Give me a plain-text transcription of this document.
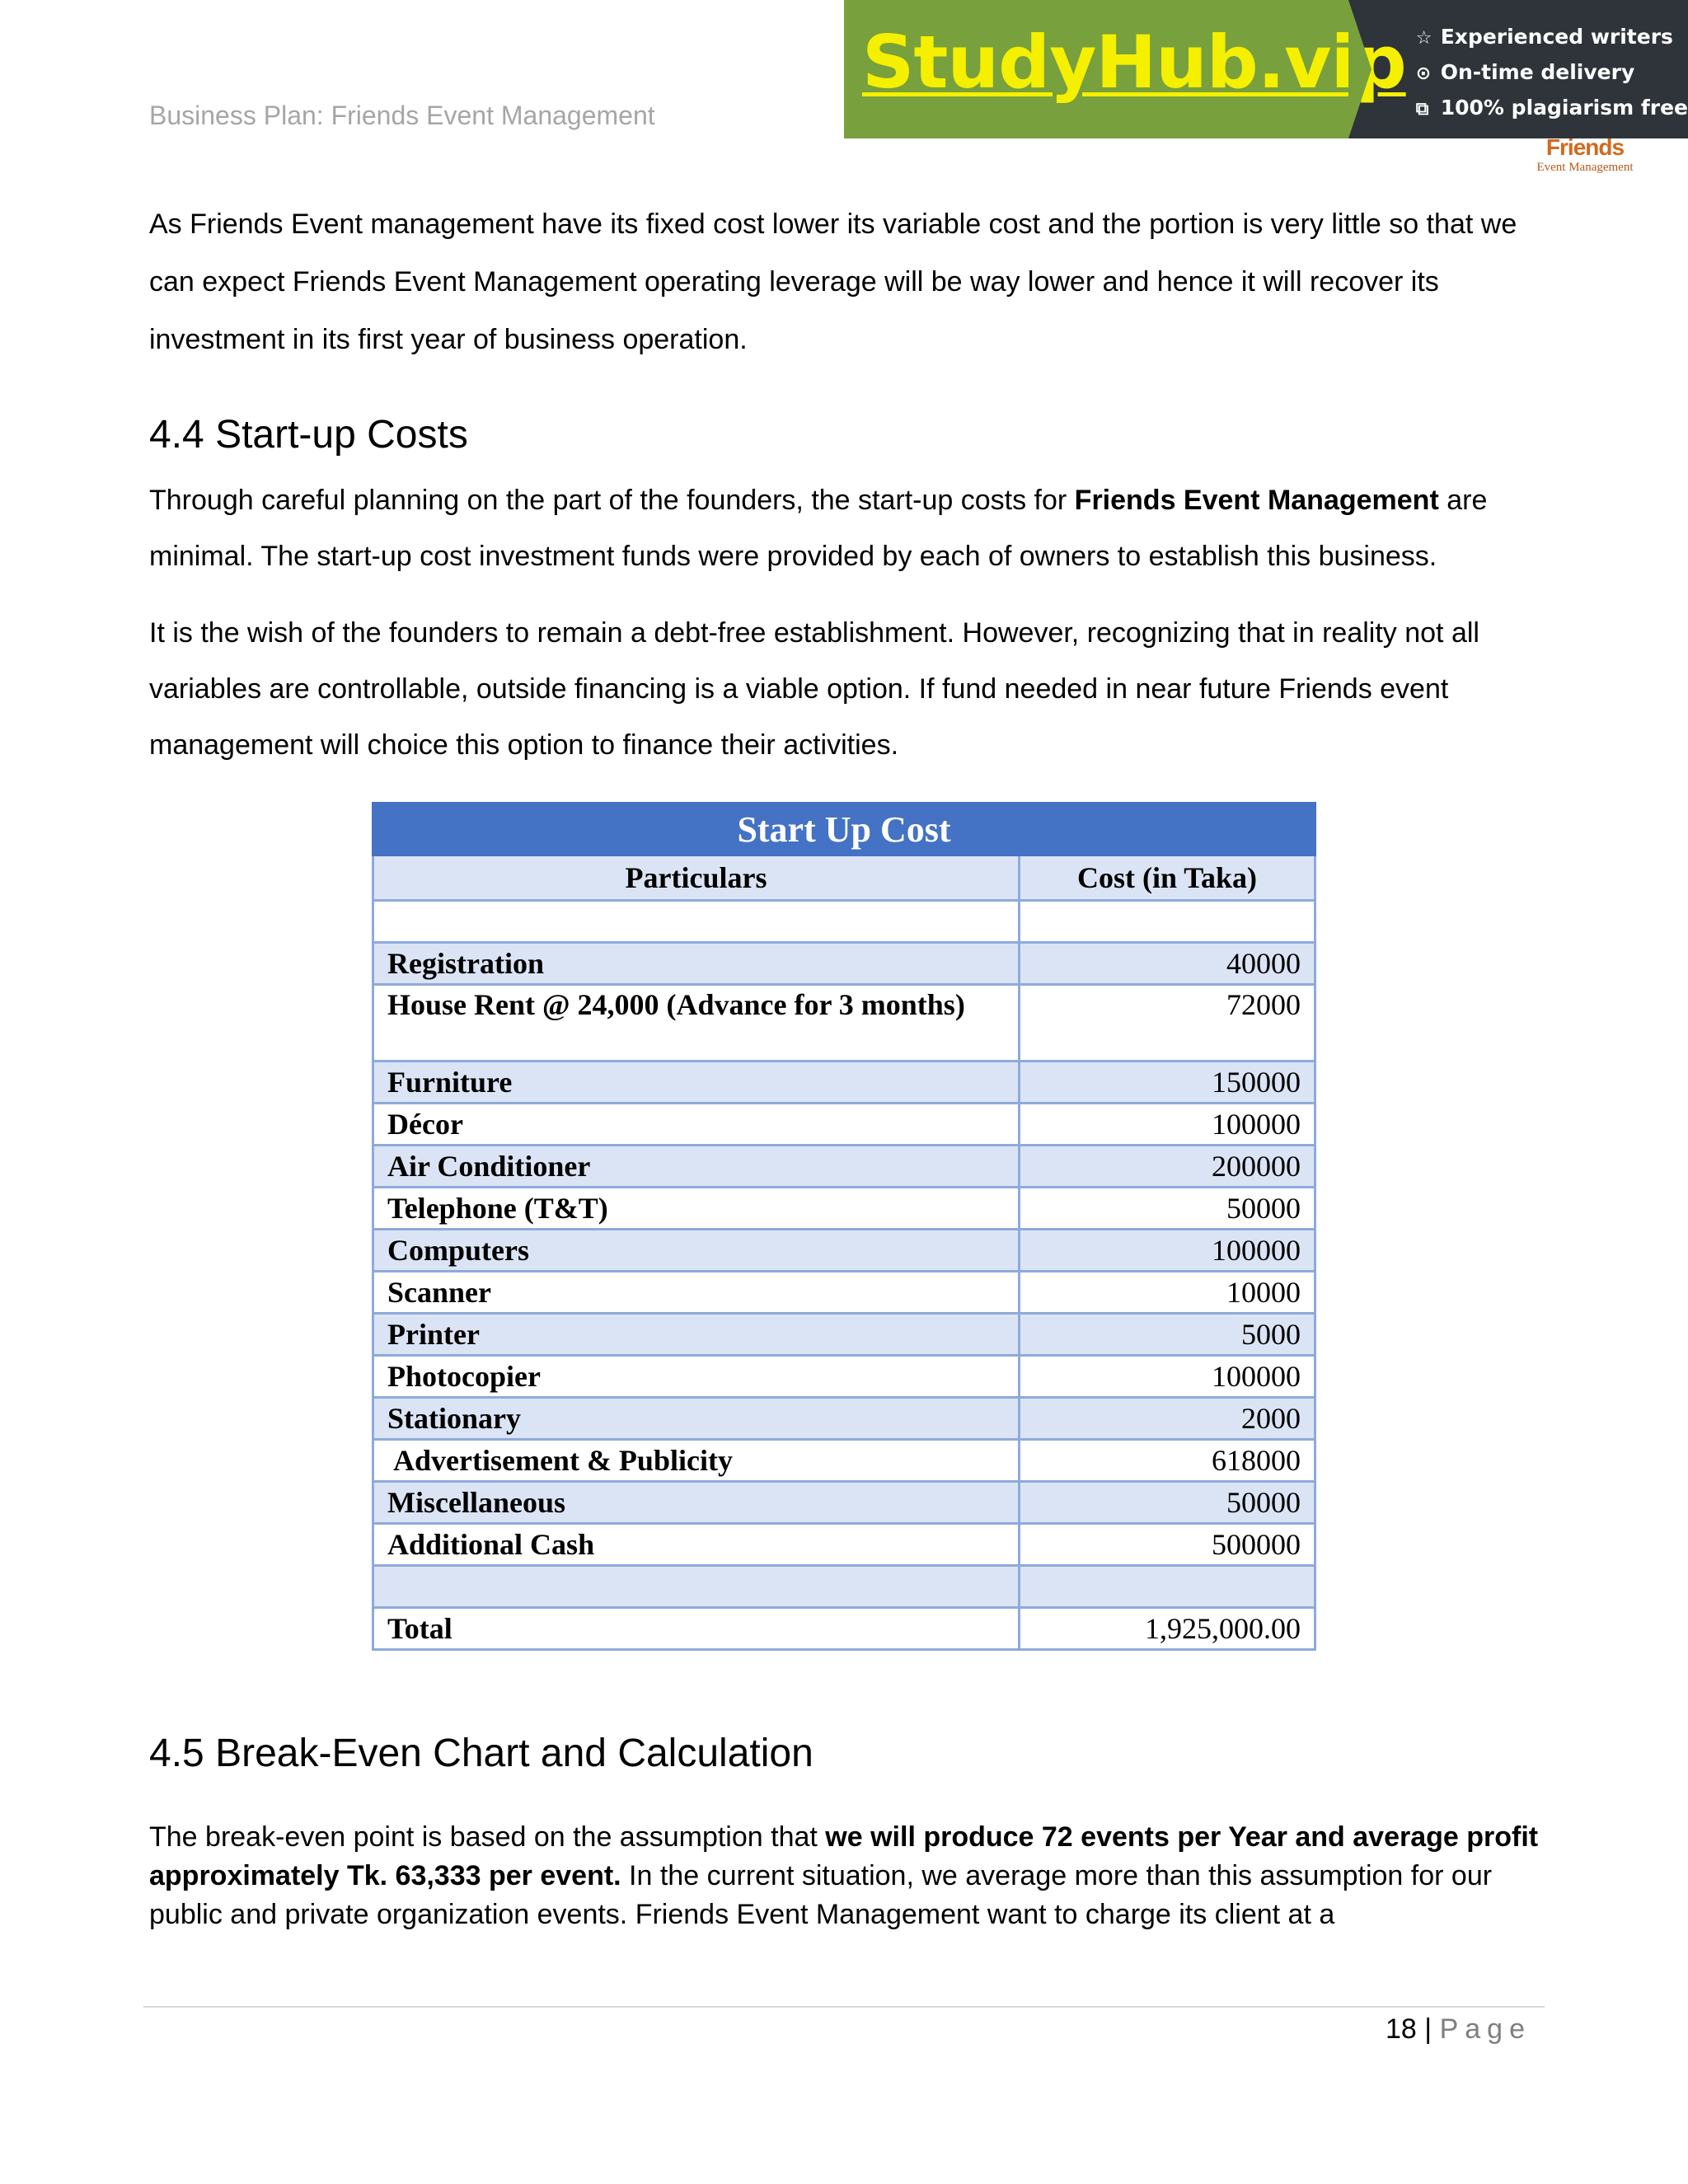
Business Plan: Friends Event Management
StudyHub.vip ☆ Experienced writers
⊙ On-time delivery
⧉ 100% plagiarism free
Friends
Event Management

As Friends Event management have its fixed cost lower its variable cost and the portion is very little so that we can expect Friends Event Management operating leverage will be way lower and hence it will recover its investment in its first year of business operation.

4.4 Start-up Costs

Through careful planning on the part of the founders, the start-up costs for Friends Event Management are minimal. The start-up cost investment funds were provided by each of owners to establish this business.

It is the wish of the founders to remain a debt-free establishment. However, recognizing that in reality not all variables are controllable, outside financing is a viable option. If fund needed in near future Friends event management will choice this option to finance their activities.

Start Up Cost	
Particulars	Cost (in Taka)

Registration	40000
House Rent @ 24,000 (Advance for 3 months)	72000
Furniture	150000
Décor	100000
Air Conditioner	200000
Telephone (T&T)	50000
Computers	100000
Scanner	10000
Printer	5000
Photocopier	100000
Stationary	2000
Advertisement & Publicity	618000
Miscellaneous	50000
Additional Cash	500000

Total	1,925,000.00
4.5 Break-Even Chart and Calculation

The break-even point is based on the assumption that we will produce 72 events per Year and average profit approximately Tk. 63,333 per event. In the current situation, we average more than this assumption for our public and private organization events. Friends Event Management want to charge its client at a

18 | Page
